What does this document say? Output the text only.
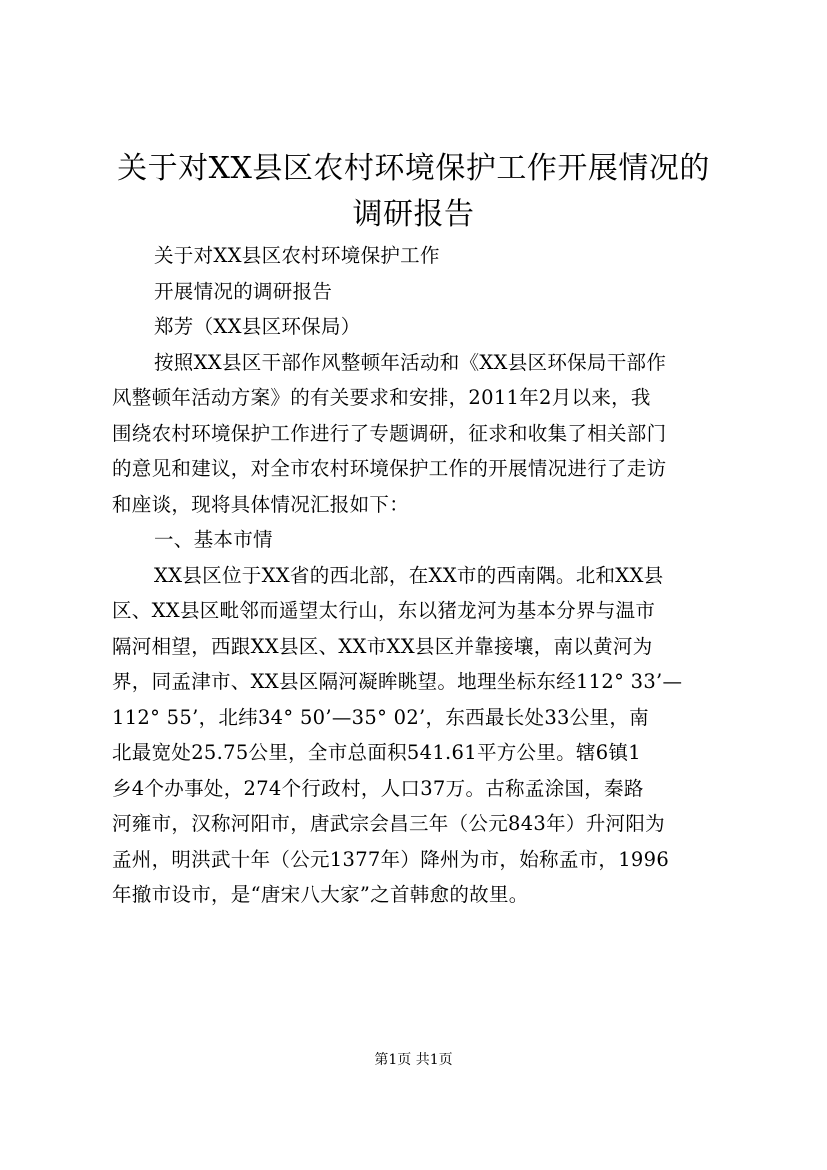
关于对XX县区农村环境保护工作开展情况的
调研报告
关于对XX县区农村环境保护工作
开展情况的调研报告
郑芳（XX县区环保局）
按照XX县区干部作风整顿年活动和《XX县区环保局干部作
风整顿年活动方案》的有关要求和安排，2011年2月以来，我
围绕农村环境保护工作进行了专题调研，征求和收集了相关部门
的意见和建议，对全市农村环境保护工作的开展情况进行了走访
和座谈，现将具体情况汇报如下：
一、基本市情
XX县区位于XX省的西北部，在XX市的西南隅。北和XX县
区、XX县区毗邻而遥望太行山，东以猪龙河为基本分界与温市
隔河相望，西跟XX县区、XX市XX县区并靠接壤，南以黄河为
界，同孟津市、XX县区隔河凝眸眺望。地理坐标东经112° 33’—
112° 55’，北纬34° 50’—35° 02’，东西最长处33公里，南
北最宽处25.75公里，全市总面积541.61平方公里。辖6镇1
乡4个办事处，274个行政村，人口37万。古称孟涂国，秦路
河雍市，汉称河阳市，唐武宗会昌三年（公元843年）升河阳为
孟州，明洪武十年（公元1377年）降州为市，始称孟市，1996
年撤市设市，是“唐宋八大家”之首韩愈的故里。
第1页 共1页
